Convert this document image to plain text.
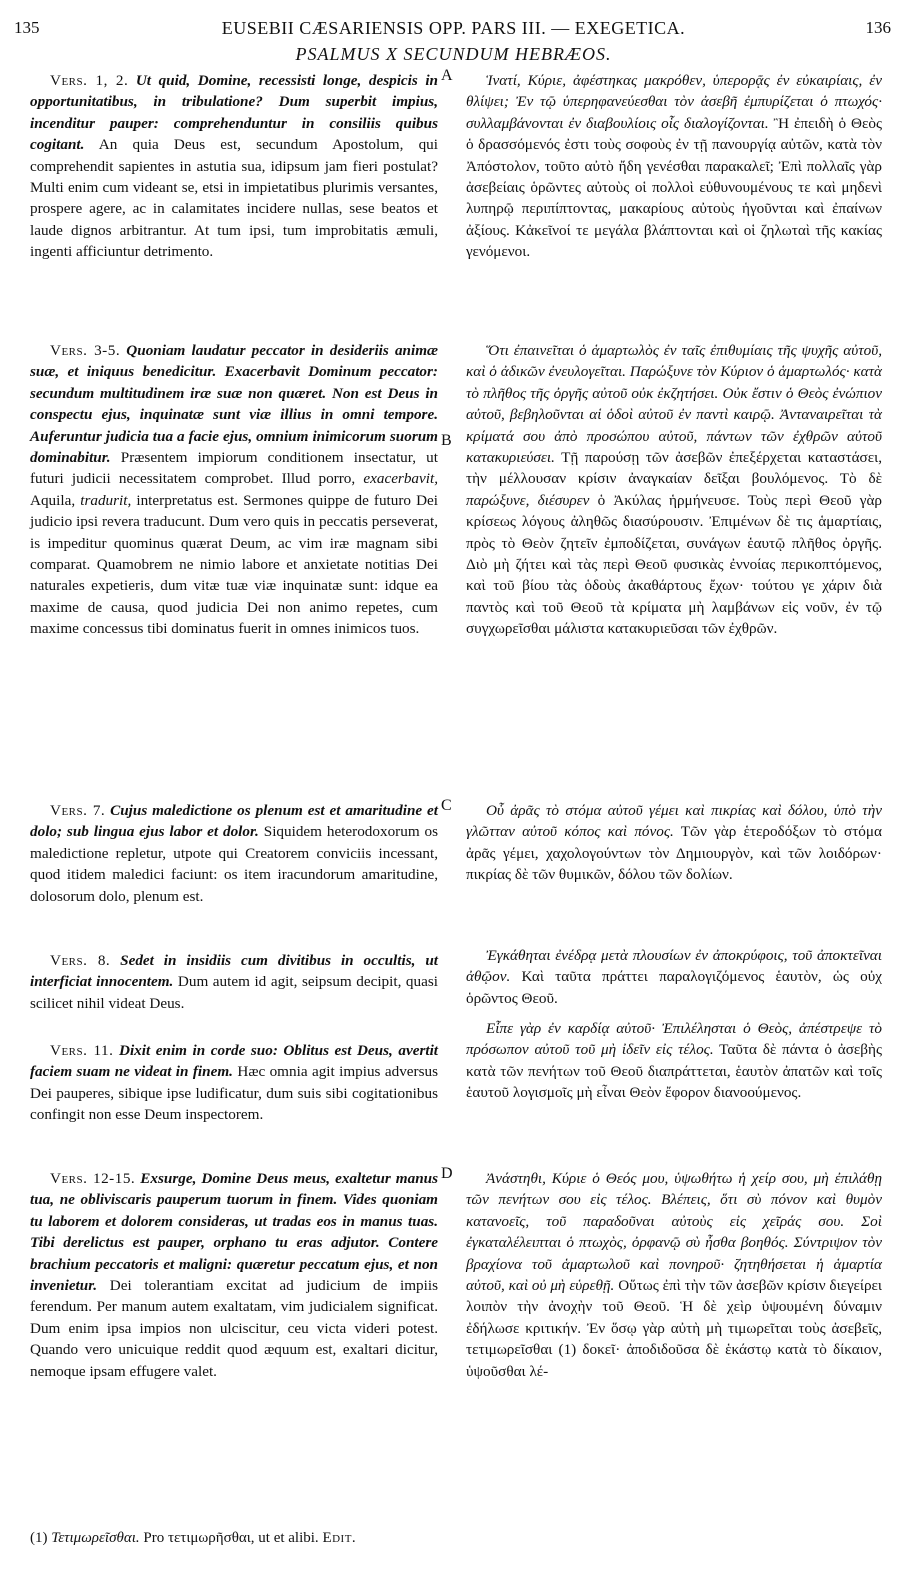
135	EUSEBII CÆSARIENSIS OPP. PARS III. — EXEGETICA.	136
PSALMUS X SECUNDUM HEBRÆOS.
A
B
C
D
Vers. 1, 2. Ut quid, Domine, recessisti longe, despicis in opportunitatibus, in tribulatione? Dum superbit impius, incenditur pauper: comprehenduntur in consiliis quibus cogitant. An quia Deus est, secundum Apostolum, qui comprehendit sapientes in astutia sua, idipsum jam fieri postulat? Multi enim cum videant se, etsi in impietatibus plurimis versantes, prospere agere, ac in calamitates incidere nullas, sese beatos et laude dignos arbitrantur. At tum ipsi, tum improbitatis æmuli, ingenti afficiuntur detrimento.
Vers. 3-5. Quoniam laudatur peccator in desideriis animæ suæ, et iniquus benedicitur. Exacerbavit Dominum peccator: secundum multitudinem iræ suæ non quæret. Non est Deus in conspectu ejus, inquinatæ sunt viæ illius in omni tempore. Auferuntur judicia tua a facie ejus, omnium inimicorum suorum dominabitur. Præsentem impiorum conditionem insectatur, ut futuri judicii necessitatem comprobet. Illud porro, exacerbavit, Aquila, tradurit, interpretatus est. Sermones quippe de futuro Dei judicio ipsi revera traducunt. Dum vero quis in peccatis perseverat, is impeditur quominus quærat Deum, ac vim iræ magnam sibi comparat. Quamobrem ne nimio labore et anxietate notitias Dei naturales expetieris, dum vitæ tuæ viæ inquinatæ sunt: idque ea maxime de causa, quod judicia Dei non animo repetes, cum maxime concessus tibi dominatus fuerit in omnes inimicos tuos.
Vers. 7. Cujus maledictione os plenum est et amaritudine et dolo; sub lingua ejus labor et dolor. Siquidem heterodoxorum os maledictione repletur, utpote qui Creatorem conviciis incessant, quod itidem maledici faciunt: os item iracundorum amaritudine, dolosorum dolo, plenum est.
Vers. 8. Sedet in insidiis cum divitibus in occultis, ut interficiat innocentem. Dum autem id agit, seipsum decipit, quasi scilicet nihil videat Deus.
Vers. 11. Dixit enim in corde suo: Oblitus est Deus, avertit faciem suam ne videat in finem. Hæc omnia agit impius adversus Dei pauperes, sibique ipse ludificatur, dum suis sibi cogitationibus confingit non esse Deum inspectorem.
Vers. 12-15. Exsurge, Domine Deus meus, exaltetur manus tua, ne obliviscaris pauperum tuorum in finem. Vides quoniam tu laborem et dolorem consideras, ut tradas eos in manus tuas. Tibi derelictus est pauper, orphano tu eras adjutor. Contere brachium peccatoris et maligni: quæretur peccatum ejus, et non invenietur. Dei tolerantiam excitat ad judicium de impiis ferendum. Per manum autem exaltatam, vim judicialem significat. Dum enim ipsa impios non ulciscitur, ceu victa videri potest. Quando vero unicuique reddit quod æquum est, exaltari dicitur, nemoque ipsam effugere valet.
Ἱνατί, Κύριε, ἀφέστηκας μακρόθεν, ὑπερορᾷς ἐν εὐκαιρίαις, ἐν θλίψει; Ἐν τῷ ὑπερηφανεύεσθαι τὸν ἀσεβῆ ἐμπυρίζεται ὁ πτωχός· συλλαμβάνονται ἐν διαβουλίοις οἷς διαλογίζονται. Ἢ ἐπειδὴ ὁ Θεὸς ὁ δρασσόμενός ἐστι τοὺς σοφοὺς ἐν τῇ πανουργίᾳ αὐτῶν, κατὰ τὸν Ἀπόστολον, τοῦτο αὐτὸ ἤδη γενέσθαι παρακαλεῖ; Ἐπὶ πολλαῖς γὰρ ἀσεβείαις ὁρῶντες αὐτοὺς οἱ πολλοὶ εὐθυνουμένους τε καὶ μηδενὶ λυπηρῷ περιπίπτοντας, μακαρίους αὐτοὺς ἡγοῦνται καὶ ἐπαίνων ἀξίους. Κἀκεῖνοί τε μεγάλα βλάπτονται καὶ οἱ ζηλωταὶ τῆς κακίας γενόμενοι.
Ὅτι ἐπαινεῖται ὁ ἁμαρτωλὸς ἐν ταῖς ἐπιθυμίαις τῆς ψυχῆς αὐτοῦ, καὶ ὁ ἀδικῶν ἐνευλογεῖται. Παρώξυνε τὸν Κύριον ὁ ἁμαρτωλός· κατὰ τὸ πλῆθος τῆς ὀργῆς αὐτοῦ οὐκ ἐκζητήσει. Οὐκ ἔστιν ὁ Θεὸς ἐνώπιον αὐτοῦ, βεβηλοῦνται αἱ ὁδοὶ αὐτοῦ ἐν παντὶ καιρῷ. Ἀνταναιρεῖται τὰ κρίματά σου ἀπὸ προσώπου αὐτοῦ, πάντων τῶν ἐχθρῶν αὐτοῦ κατακυριεύσει. Τῇ παρούσῃ τῶν ἀσεβῶν ἐπεξέρχεται καταστάσει, τὴν μέλλουσαν κρίσιν ἀναγκαίαν δεῖξαι βουλόμενος. Τὸ δὲ παρώξυνε, διέσυρεν ὁ Ἀκύλας ἡρμήνευσε. Τοὺς περὶ Θεοῦ γὰρ κρίσεως λόγους ἀληθῶς διασύρουσιν. Ἐπιμένων δὲ τις ἁμαρτίαις, πρὸς τὸ Θεὸν ζητεῖν ἐμποδίζεται, συνάγων ἑαυτῷ πλῆθος ὀργῆς. Διὸ μὴ ζήτει καὶ τὰς περὶ Θεοῦ φυσικὰς ἐννοίας περικοπτόμενος, καὶ τοῦ βίου τὰς ὁδοὺς ἀκαθάρτους ἔχων· τούτου γε χάριν διὰ παντὸς καὶ τοῦ Θεοῦ τὰ κρίματα μὴ λαμβάνων εἰς νοῦν, ἐν τῷ συγχωρεῖσθαι μάλιστα κατακυριεῦσαι τῶν ἐχθρῶν.
Οὗ ἀρᾶς τὸ στόμα αὐτοῦ γέμει καὶ πικρίας καὶ δόλου, ὑπὸ τὴν γλῶτταν αὐτοῦ κόπος καὶ πόνος. Τῶν γὰρ ἑτεροδόξων τὸ στόμα ἀρᾶς γέμει, χαχολογούντων τὸν Δημιουργὸν, καὶ τῶν λοιδόρων· πικρίας δὲ τῶν θυμικῶν, δόλου τῶν δολίων.
Ἐγκάθηται ἐνέδρᾳ μετὰ πλουσίων ἐν ἀποκρύφοις, τοῦ ἀποκτεῖναι ἀθῷον. Καὶ ταῦτα πράττει παραλογιζόμενος ἑαυτὸν, ὡς οὐχ ὁρῶντος Θεοῦ.
Εἶπε γὰρ ἐν καρδίᾳ αὐτοῦ· Ἐπιλέλησται ὁ Θεὸς, ἀπέστρεψε τὸ πρόσωπον αὐτοῦ τοῦ μὴ ἰδεῖν εἰς τέλος. Ταῦτα δὲ πάντα ὁ ἀσεβὴς κατὰ τῶν πενήτων τοῦ Θεοῦ διαπράττεται, ἑαυτὸν ἀπατῶν καὶ τοῖς ἑαυτοῦ λογισμοῖς μὴ εἶναι Θεὸν ἔφορον διανοούμενος.
Ἀνάστηθι, Κύριε ὁ Θεός μου, ὑψωθήτω ἡ χείρ σου, μὴ ἐπιλάθῃ τῶν πενήτων σου εἰς τέλος. Βλέπεις, ὅτι σὺ πόνον καὶ θυμὸν κατανοεῖς, τοῦ παραδοῦναι αὐτοὺς εἰς χεῖράς σου. Σοὶ ἐγκαταλέλειπται ὁ πτωχὸς, ὀρφανῷ σὺ ἦσθα βοηθός. Σύντριψον τὸν βραχίονα τοῦ ἁμαρτωλοῦ καὶ πονηροῦ· ζητηθήσεται ἡ ἁμαρτία αὐτοῦ, καὶ οὐ μὴ εὑρεθῇ. Οὕτως ἐπὶ τὴν τῶν ἀσεβῶν κρίσιν διεγείρει λοιπὸν τὴν ἀνοχὴν τοῦ Θεοῦ. Ἡ δὲ χεὶρ ὑψουμένη δύναμιν ἐδήλωσε κριτικήν. Ἐν ὅσῳ γὰρ αὐτὴ μὴ τιμωρεῖται τοὺς ἀσεβεῖς, τετιμωρεῖσθαι (1) δοκεῖ· ἀποδιδοῦσα δὲ ἑκάστῳ κατὰ τὸ δίκαιον, ὑψοῦσθαι λέ-
(1) Τετιμωρεῖσθαι. Pro τετιμωρῆσθαι, ut et alibi. Edit.
